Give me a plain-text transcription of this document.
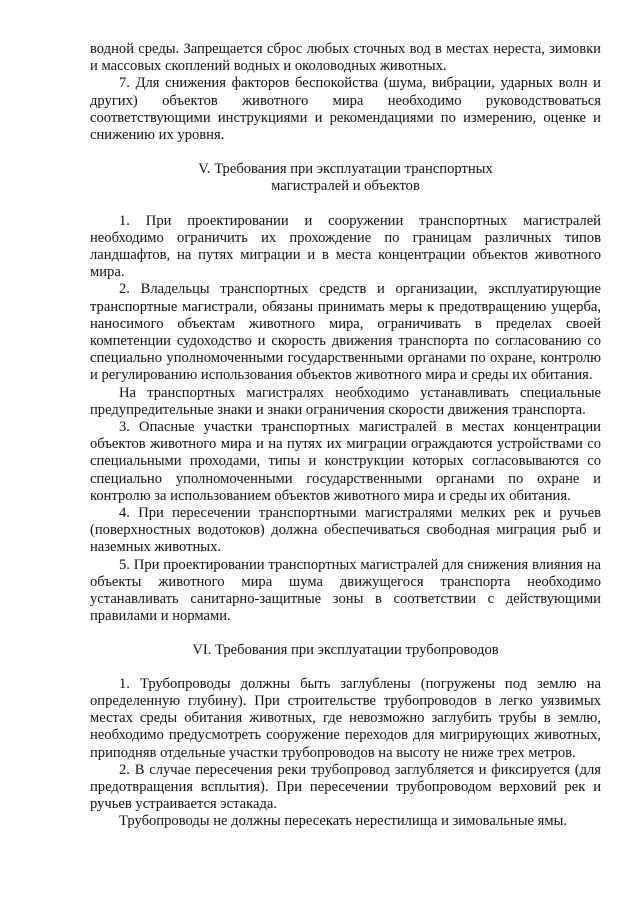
водной среды. Запрещается сброс любых сточных вод в местах нереста, зимовки и массовых скоплений водных и околоводных животных.

7. Для снижения факторов беспокойства (шума, вибрации, ударных волн и других) объектов животного мира необходимо руководствоваться соответствующими инструкциями и рекомендациями по измерению, оценке и снижению их уровня.

V. Требования при эксплуатации транспортных
магистралей и объектов

1. При проектировании и сооружении транспортных магистралей необходимо ограничить их прохождение по границам различных типов ландшафтов, на путях миграции и в места концентрации объектов животного мира.

2. Владельцы транспортных средств и организации, эксплуатирующие транспортные магистрали, обязаны принимать меры к предотвращению ущерба, наносимого объектам животного мира, ограничивать в пределах своей компетенции судоходство и скорость движения транспорта по согласованию со специально уполномоченными государственными органами по охране, контролю и регулированию использования объектов животного мира и среды их обитания.

На транспортных магистралях необходимо устанавливать специальные предупредительные знаки и знаки ограничения скорости движения транспорта.

3. Опасные участки транспортных магистралей в местах концентрации объектов животного мира и на путях их миграции ограждаются устройствами со специальными проходами, типы и конструкции которых согласовываются со специально уполномоченными государственными органами по охране и контролю за использованием объектов животного мира и среды их обитания.

4. При пересечении транспортными магистралями мелких рек и ручьев (поверхностных водотоков) должна обеспечиваться свободная миграция рыб и наземных животных.

5. При проектировании транспортных магистралей для снижения влияния на объекты животного мира шума движущегося транспорта необходимо устанавливать санитарно-защитные зоны в соответствии с действующими правилами и нормами.

VI. Требования при эксплуатации трубопроводов

1. Трубопроводы должны быть заглублены (погружены под землю на определенную глубину). При строительстве трубопроводов в легко уязвимых местах среды обитания животных, где невозможно заглубить трубы в землю, необходимо предусмотреть сооружение переходов для мигрирующих животных, приподняв отдельные участки трубопроводов на высоту не ниже трех метров.

2. В случае пересечения реки трубопровод заглубляется и фиксируется (для предотвращения всплытия). При пересечении трубопроводом верховий рек и ручьев устраивается эстакада.

Трубопроводы не должны пересекать нерестилища и зимовальные ямы.
